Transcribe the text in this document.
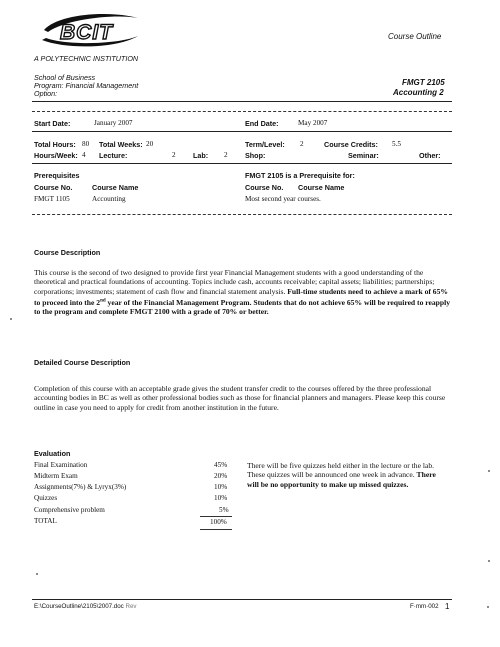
BCIT
A POLYTECHNIC INSTITUTION
Course Outline
School of Business
Program: Financial Management
Option:
FMGT 2105
Accounting 2
Start Date:	January 2007	End Date:	May 2007
Total Hours: 80 Total Weeks: 20	Term/Level: 2	Course Credits: 5.5
Hours/Week: 4 Lecture:	2 Lab: 2 Shop:	Seminar:	Other:
Prerequisites
Course No.	Course Name
FMGT 1105	Accounting
FMGT 2105 is a Prerequisite for:
Course No. Course Name
Most second year courses.
Course Description
This course is the second of two designed to provide first year Financial Management students with a good understanding of the theoretical and practical foundations of accounting. Topics include cash, accounts receivable; capital assets; liabilities; partnerships; corporations; investments; statement of cash flow and financial statement analysis. Full-time students need to achieve a mark of 65% to proceed into the 2nd year of the Financial Management Program. Students that do not achieve 65% will be required to reapply to the program and complete FMGT 2100 with a grade of 70% or better.
Detailed Course Description
Completion of this course with an acceptable grade gives the student transfer credit to the courses offered by the three professional accounting bodies in BC as well as other professional bodies such as those for financial planners and managers. Please keep this course outline in case you need to apply for credit from another institution in the future.
Evaluation
Final Examination	45%
Midterm Exam	20%
Assignments(7%) & Lyryx(3%)	10%
Quizzes	10%
Comprehensive problem	5%
TOTAL	100%
There will be five quizzes held either in the lecture or the lab. These quizzes will be announced one week in advance. There will be no opportunity to make up missed quizzes.
E:\CourseOutline\2105\2007.doc Rev	F·mm·002 1
